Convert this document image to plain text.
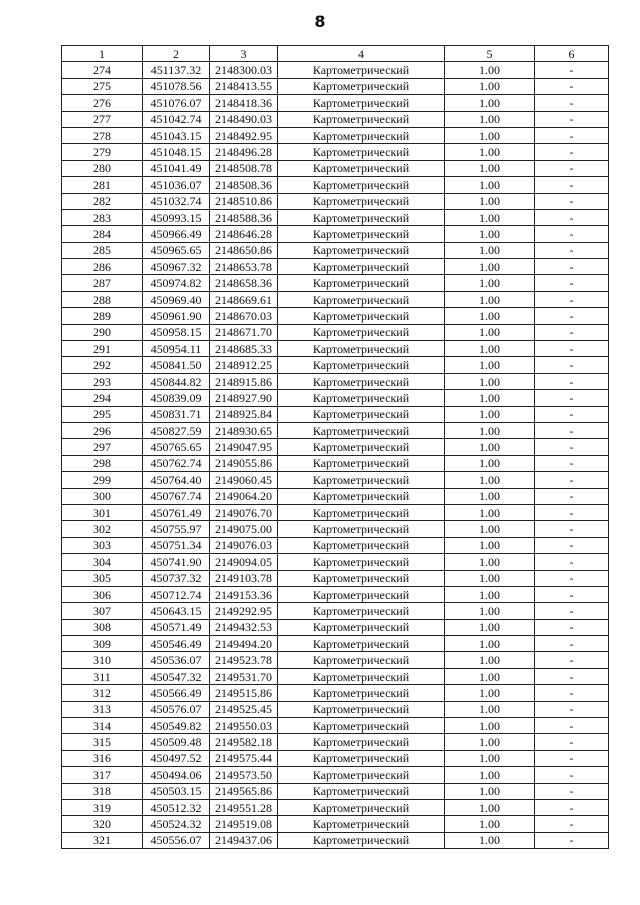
8
1	2	3	4	5	6
274	451137.32	2148300.03	Картометрический	1.00	-
275	451078.56	2148413.55	Картометрический	1.00	-
276	451076.07	2148418.36	Картометрический	1.00	-
277	451042.74	2148490.03	Картометрический	1.00	-
278	451043.15	2148492.95	Картометрический	1.00	-
279	451048.15	2148496.28	Картометрический	1.00	-
280	451041.49	2148508.78	Картометрический	1.00	-
281	451036.07	2148508.36	Картометрический	1.00	-
282	451032.74	2148510.86	Картометрический	1.00	-
283	450993.15	2148588.36	Картометрический	1.00	-
284	450966.49	2148646.28	Картометрический	1.00	-
285	450965.65	2148650.86	Картометрический	1.00	-
286	450967.32	2148653.78	Картометрический	1.00	-
287	450974.82	2148658.36	Картометрический	1.00	-
288	450969.40	2148669.61	Картометрический	1.00	-
289	450961.90	2148670.03	Картометрический	1.00	-
290	450958.15	2148671.70	Картометрический	1.00	-
291	450954.11	2148685.33	Картометрический	1.00	-
292	450841.50	2148912.25	Картометрический	1.00	-
293	450844.82	2148915.86	Картометрический	1.00	-
294	450839.09	2148927.90	Картометрический	1.00	-
295	450831.71	2148925.84	Картометрический	1.00	-
296	450827.59	2148930.65	Картометрический	1.00	-
297	450765.65	2149047.95	Картометрический	1.00	-
298	450762.74	2149055.86	Картометрический	1.00	-
299	450764.40	2149060.45	Картометрический	1.00	-
300	450767.74	2149064.20	Картометрический	1.00	-
301	450761.49	2149076.70	Картометрический	1.00	-
302	450755.97	2149075.00	Картометрический	1.00	-
303	450751.34	2149076.03	Картометрический	1.00	-
304	450741.90	2149094.05	Картометрический	1.00	-
305	450737.32	2149103.78	Картометрический	1.00	-
306	450712.74	2149153.36	Картометрический	1.00	-
307	450643.15	2149292.95	Картометрический	1.00	-
308	450571.49	2149432.53	Картометрический	1.00	-
309	450546.49	2149494.20	Картометрический	1.00	-
310	450536.07	2149523.78	Картометрический	1.00	-
311	450547.32	2149531.70	Картометрический	1.00	-
312	450566.49	2149515.86	Картометрический	1.00	-
313	450576.07	2149525.45	Картометрический	1.00	-
314	450549.82	2149550.03	Картометрический	1.00	-
315	450509.48	2149582.18	Картометрический	1.00	-
316	450497.52	2149575.44	Картометрический	1.00	-
317	450494.06	2149573.50	Картометрический	1.00	-
318	450503.15	2149565.86	Картометрический	1.00	-
319	450512.32	2149551.28	Картометрический	1.00	-
320	450524.32	2149519.08	Картометрический	1.00	-
321	450556.07	2149437.06	Картометрический	1.00	-
